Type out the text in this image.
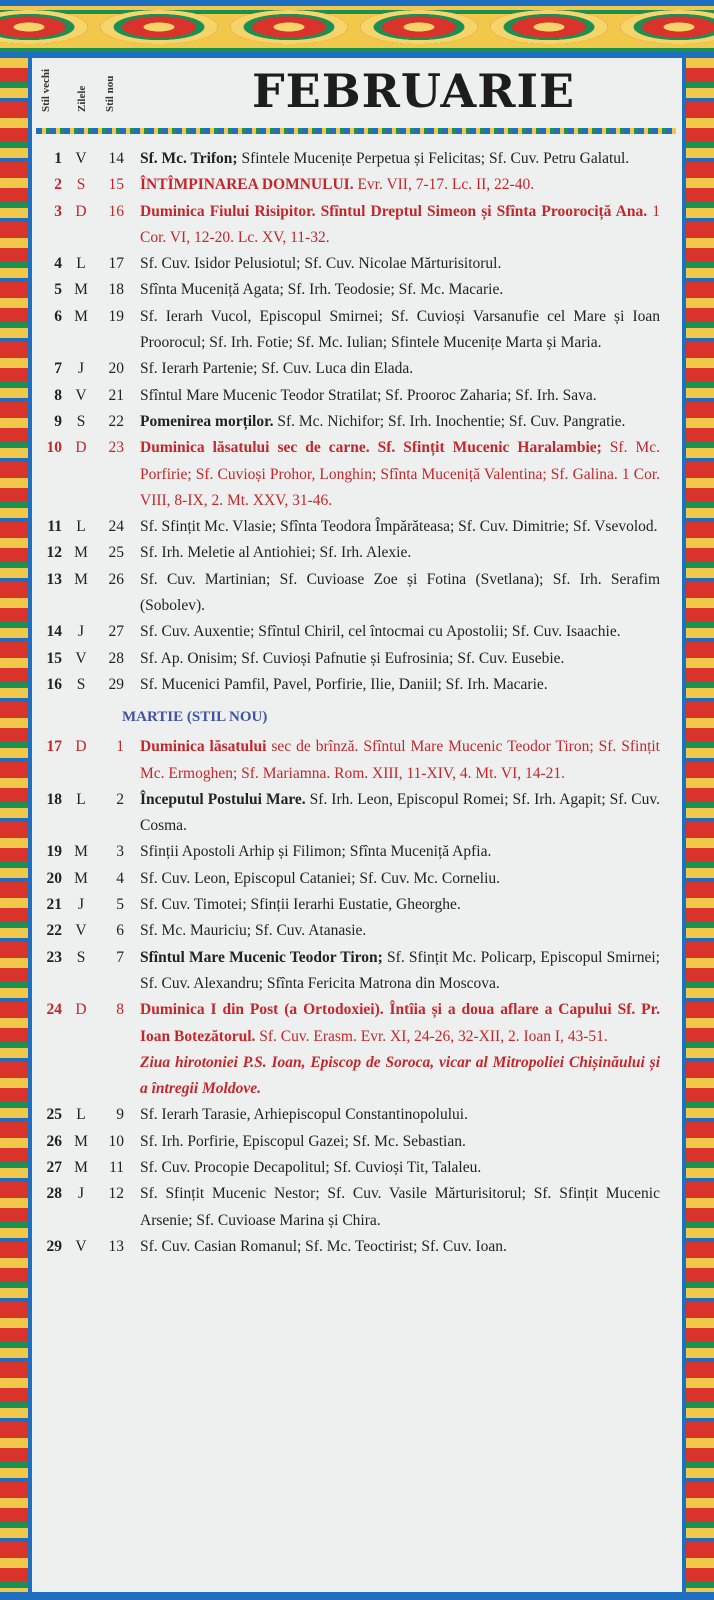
Stil vechi Zilele Stil nou	FEBRUARIE
1 V	14 Sf. Mc. Trifon; Sfintele Mucenițe Perpetua și Felicitas; Sf. Cuv. Petru Galatul.
2 S	15 ÎNTÎMPINAREA DOMNULUI. Evr. VII, 7-17. Lc. II, 22-40.
3 D	16 Duminica Fiului Risipitor. Sfîntul Dreptul Simeon și Sfînta Proorociță Ana. 1 Cor. VI, 12-20. Lc. XV, 11-32.
4 L	17 Sf. Cuv. Isidor Pelusiotul; Sf. Cuv. Nicolae Mărturisitorul.
5 M	18 Sfînta Muceniță Agata; Sf. Irh. Teodosie; Sf. Mc. Macarie.
6 M	19 Sf. Ierarh Vucol, Episcopul Smirnei; Sf. Cuvioși Varsanufie cel Mare și Ioan Proorocul; Sf. Irh. Fotie; Sf. Mc. Iulian; Sfintele Mucenițe Marta și Maria.
7	J	20 Sf. Ierarh Partenie; Sf. Cuv. Luca din Elada.
8 V	21 Sfîntul Mare Mucenic Teodor Stratilat; Sf. Prooroc Zaharia; Sf. Irh. Sava.
9 S	22 Pomenirea morților. Sf. Mc. Nichifor; Sf. Irh. Inochentie; Sf. Cuv. Pangratie.
10 D	23 Duminica lăsatului sec de carne. Sf. Sfințit Mucenic Haralambie; Sf. Mc. Porfirie; Sf. Cuvioși Prohor, Longhin; Sfînta Muceniță Valentina; Sf. Galina. 1 Cor. VIII, 8-IX, 2. Mt. XXV, 31-46.
11 L	24 Sf. Sfințit Mc. Vlasie; Sfînta Teodora Împărăteasa; Sf. Cuv. Dimitrie; Sf. Vsevolod.
12 M	25 Sf. Irh. Meletie al Antiohiei; Sf. Irh. Alexie.
13 M	26 Sf. Cuv. Martinian; Sf. Cuvioase Zoe și Fotina (Svetlana); Sf. Irh. Serafim (Sobolev).
14	J	27 Sf. Cuv. Auxentie; Sfîntul Chiril, cel întocmai cu Apostolii; Sf. Cuv. Isaachie.
15 V	28 Sf. Ap. Onisim; Sf. Cuvioși Pafnutie și Eufrosinia; Sf. Cuv. Eusebie.
16 S	29 Sf. Mucenici Pamfil, Pavel, Porfirie, Ilie, Daniil; Sf. Irh. Macarie.
MARTIE (STIL NOU)
17 D	1 Duminica lăsatului sec de brînză. Sfîntul Mare Mucenic Teodor Tiron; Sf. Sfințit Mc. Ermoghen; Sf. Mariamna. Rom. XIII, 11-XIV, 4. Mt. VI, 14-21.
18 L	2 Începutul Postului Mare. Sf. Irh. Leon, Episcopul Romei; Sf. Irh. Agapit; Sf. Cuv. Cosma.
19 M	3 Sfinții Apostoli Arhip și Filimon; Sfînta Muceniță Apfia.
20 M	4 Sf. Cuv. Leon, Episcopul Cataniei; Sf. Cuv. Mc. Corneliu.
21	J	5 Sf. Cuv. Timotei; Sfinții Ierarhi Eustatie, Gheorghe.
22 V	6 Sf. Mc. Mauriciu; Sf. Cuv. Atanasie.
23 S	7 Sfîntul Mare Mucenic Teodor Tiron; Sf. Sfințit Mc. Policarp, Episcopul Smirnei; Sf. Cuv. Alexandru; Sfînta Fericita Matrona din Moscova.
24 D	8 Duminica I din Post (a Ortodoxiei). Întîia și a doua aflare a Capului Sf. Pr. Ioan Botezătorul. Sf. Cuv. Erasm. Evr. XI, 24-26, 32-XII, 2. Ioan I, 43-51.
Ziua hirotoniei P.S. Ioan, Episcop de Soroca, vicar al Mitropoliei Chișinăului și a întregii Moldove.
25 L	9 Sf. Ierarh Tarasie, Arhiepiscopul Constantinopolului.
26 M	10 Sf. Irh. Porfirie, Episcopul Gazei; Sf. Mc. Sebastian.
27 M	11 Sf. Cuv. Procopie Decapolitul; Sf. Cuvioși Tit, Talaleu.
28	J	12 Sf. Sfințit Mucenic Nestor; Sf. Cuv. Vasile Mărturisitorul; Sf. Sfințit Mucenic Arsenie; Sf. Cuvioase Marina și Chira.
29 V	13 Sf. Cuv. Casian Romanul; Sf. Mc. Teoctirist; Sf. Cuv. Ioan.
